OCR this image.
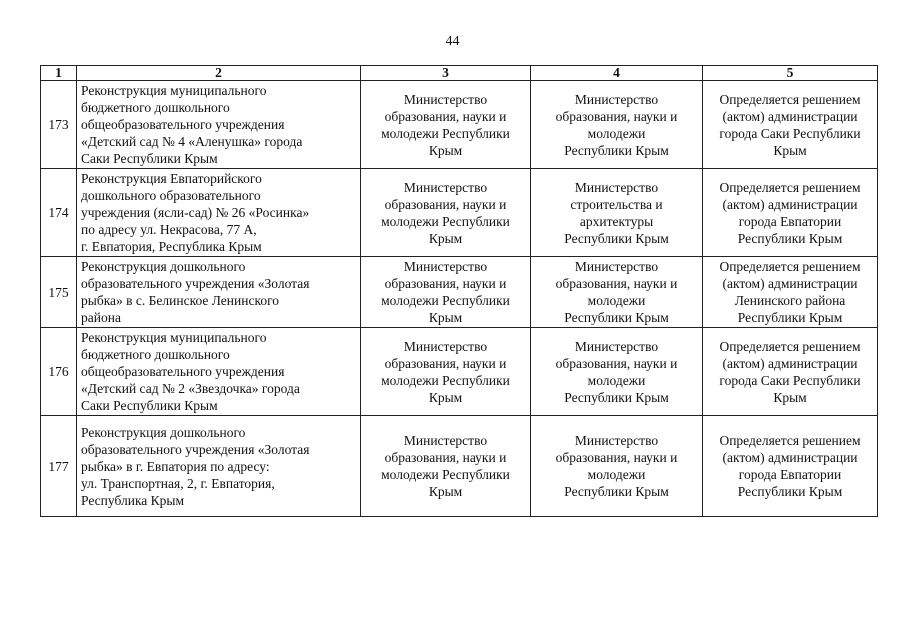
44
1	2	3	4	5
173	Реконструкция муниципального
бюджетного дошкольного
общеобразовательного учреждения
«Детский сад № 4 «Аленушка» города
Саки Республики Крым	Министерство
образования, науки и
молодежи Республики
Крым	Министерство
образования, науки и
молодежи
Республики Крым	Определяется решением
(актом) администрации
города Саки Республики
Крым

174	Реконструкция Евпаторийского
дошкольного образовательного
учреждения (ясли-сад) № 26 «Росинка»
по адресу ул. Некрасова, 77 А,
г. Евпатория, Республика Крым	Министерство
образования, науки и
молодежи Республики
Крым	Министерство
строительства и
архитектуры
Республики Крым	Определяется решением
(актом) администрации
города Евпатории
Республики Крым

175	Реконструкция дошкольного
образовательного учреждения «Золотая
рыбка» в с. Белинское Ленинского
района	Министерство
образования, науки и
молодежи Республики
Крым	Министерство
образования, науки и
молодежи
Республики Крым	Определяется решением
(актом) администрации
Ленинского района
Республики Крым

176	Реконструкция муниципального
бюджетного дошкольного
общеобразовательного учреждения
«Детский сад № 2 «Звездочка» города
Саки Республики Крым	Министерство
образования, науки и
молодежи Республики
Крым	Министерство
образования, науки и
молодежи
Республики Крым	Определяется решением
(актом) администрации
города Саки Республики
Крым

177	Реконструкция дошкольного
образовательного учреждения «Золотая
рыбка» в г. Евпатория по адресу:
ул. Транспортная, 2, г. Евпатория,
Республика Крым	Министерство
образования, науки и
молодежи Республики
Крым	Министерство
образования, науки и
молодежи
Республики Крым	Определяется решением
(актом) администрации
города Евпатории
Республики Крым
